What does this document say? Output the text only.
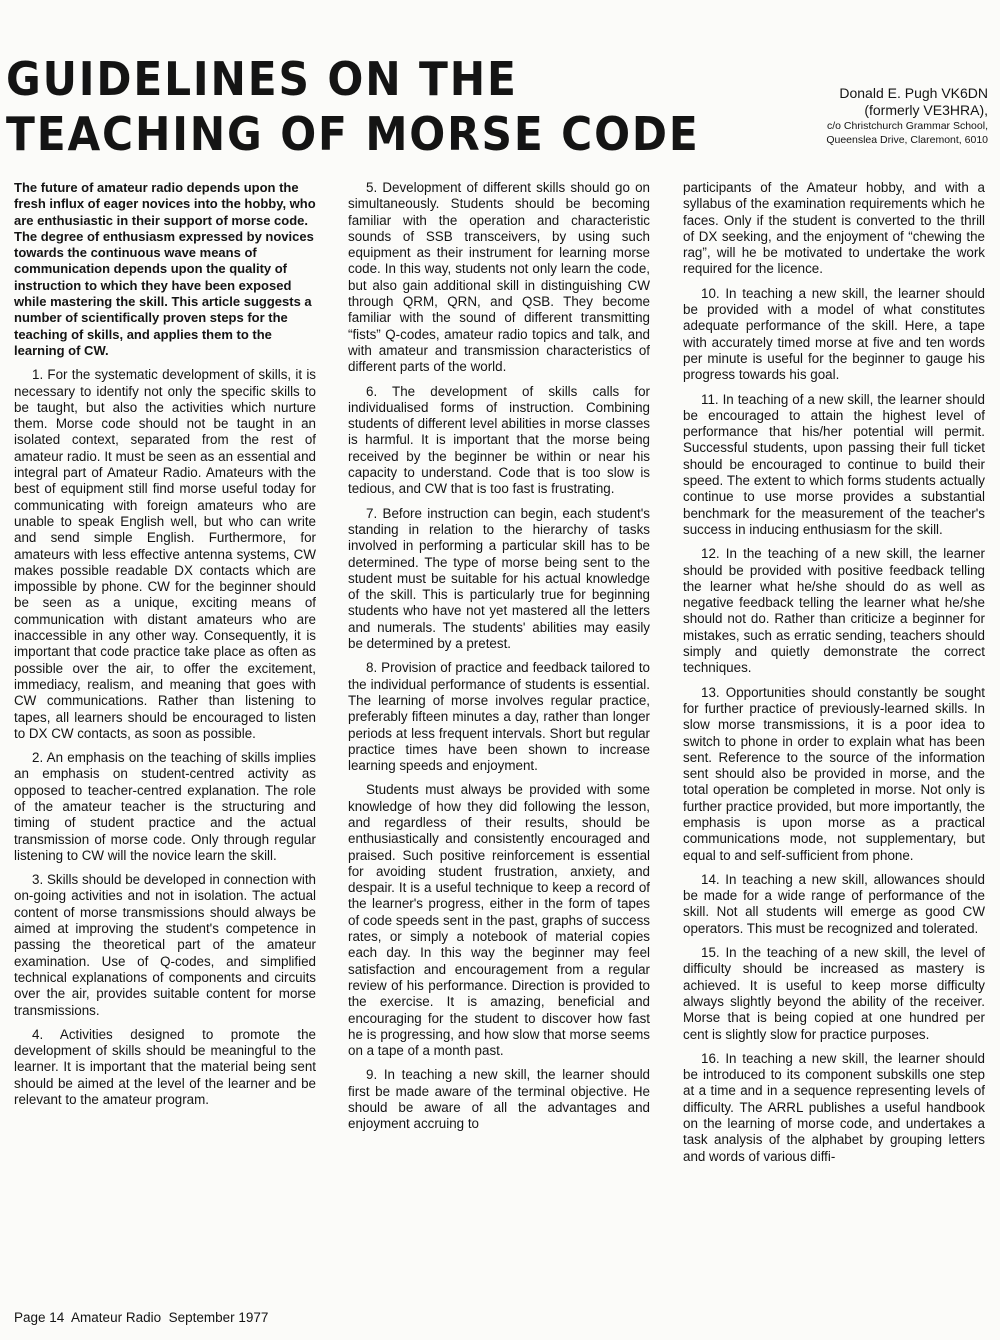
GUIDELINES ON THE
TEACHING OF MORSE CODE
Donald E. Pugh VK6DN
(formerly VE3HRA),
c/o Christchurch Grammar School,
Queenslea Drive, Claremont, 6010

The future of amateur radio depends upon the fresh influx of eager novices into the hobby, who are enthusiastic in their support of morse code. The degree of enthusiasm expressed by novices towards the continuous wave means of communication depends upon the quality of instruction to which they have been exposed while mastering the skill. This article suggests a number of scientifically proven steps for the teaching of skills, and applies them to the learning of CW.

1. For the systematic development of skills, it is necessary to identify not only the specific skills to be taught, but also the activities which nurture them. Morse code should not be taught in an isolated context, separated from the rest of amateur radio. It must be seen as an essential and integral part of Amateur Radio. Amateurs with the best of equipment still find morse useful today for communicating with foreign amateurs who are unable to speak English well, but who can write and send simple English. Furthermore, for amateurs with less effective antenna systems, CW makes possible readable DX contacts which are impossible by phone. CW for the beginner should be seen as a unique, exciting means of communication with distant amateurs who are inaccessible in any other way. Consequently, it is important that code practice take place as often as possible over the air, to offer the excitement, immediacy, realism, and meaning that goes with CW communications. Rather than listening to tapes, all learners should be encouraged to listen to DX CW contacts, as soon as possible.

2. An emphasis on the teaching of skills implies an emphasis on student-centred activity as opposed to teacher-centred explanation. The role of the amateur teacher is the structuring and timing of student practice and the actual transmission of morse code. Only through regular listening to CW will the novice learn the skill.

3. Skills should be developed in connection with on-going activities and not in isolation. The actual content of morse transmissions should always be aimed at improving the student's competence in passing the theoretical part of the amateur examination. Use of Q-codes, and simplified technical explanations of components and circuits over the air, provides suitable content for morse transmissions.

4. Activities designed to promote the development of skills should be meaningful to the learner. It is important that the material being sent should be aimed at the level of the learner and be relevant to the amateur program.

5. Development of different skills should go on simultaneously. Students should be becoming familiar with the operation and characteristic sounds of SSB transceivers, by using such equipment as their instrument for learning morse code. In this way, students not only learn the code, but also gain additional skill in distinguishing CW through QRM, QRN, and QSB. They become familiar with the sound of different transmitting “fists” Q-codes, amateur radio topics and talk, and with amateur and transmission characteristics of different parts of the world.

6. The development of skills calls for individualised forms of instruction. Combining students of different level abilities in morse classes is harmful. It is important that the morse being received by the beginner be within or near his capacity to understand. Code that is too slow is tedious, and CW that is too fast is frustrating.

7. Before instruction can begin, each student's standing in relation to the hierarchy of tasks involved in performing a particular skill has to be determined. The type of morse being sent to the student must be suitable for his actual knowledge of the skill. This is particularly true for beginning students who have not yet mastered all the letters and numerals. The students' abilities may easily be determined by a pretest.

8. Provision of practice and feedback tailored to the individual performance of students is essential. The learning of morse involves regular practice, preferably fifteen minutes a day, rather than longer periods at less frequent intervals. Short but regular practice times have been shown to increase learning speeds and enjoyment.

Students must always be provided with some knowledge of how they did following the lesson, and regardless of their results, should be enthusiastically and consistently encouraged and praised. Such positive reinforcement is essential for avoiding student frustration, anxiety, and despair. It is a useful technique to keep a record of the learner's progress, either in the form of tapes of code speeds sent in the past, graphs of success rates, or simply a notebook of material copies each day. In this way the beginner may feel satisfaction and encouragement from a regular review of his performance. Direction is provided to the exercise. It is amazing, beneficial and encouraging for the student to discover how fast he is progressing, and how slow that morse seems on a tape of a month past.

9. In teaching a new skill, the learner should first be made aware of the terminal objective. He should be aware of all the advantages and enjoyment accruing to

participants of the Amateur hobby, and with a syllabus of the examination requirements which he faces. Only if the student is converted to the thrill of DX seeking, and the enjoyment of “chewing the rag”, will he be motivated to undertake the work required for the licence.

10. In teaching a new skill, the learner should be provided with a model of what constitutes adequate performance of the skill. Here, a tape with accurately timed morse at five and ten words per minute is useful for the beginner to gauge his progress towards his goal.

11. In teaching of a new skill, the learner should be encouraged to attain the highest level of performance that his/her potential will permit. Successful students, upon passing their full ticket should be encouraged to continue to build their speed. The extent to which forms students actually continue to use morse provides a substantial benchmark for the measurement of the teacher's success in inducing enthusiasm for the skill.

12. In the teaching of a new skill, the learner should be provided with positive feedback telling the learner what he/she should do as well as negative feedback telling the learner what he/she should not do. Rather than criticize a beginner for mistakes, such as erratic sending, teachers should simply and quietly demonstrate the correct techniques.

13. Opportunities should constantly be sought for further practice of previously-learned skills. In slow morse transmissions, it is a poor idea to switch to phone in order to explain what has been sent. Reference to the source of the information sent should also be provided in morse, and the total operation be completed in morse. Not only is further practice provided, but more importantly, the emphasis is upon morse as a practical communications mode, not supplementary, but equal to and self-sufficient from phone.

14. In teaching a new skill, allowances should be made for a wide range of performance of the skill. Not all students will emerge as good CW operators. This must be recognized and tolerated.

15. In the teaching of a new skill, the level of difficulty should be increased as mastery is achieved. It is useful to keep morse difficulty always slightly beyond the ability of the receiver. Morse that is being copied at one hundred per cent is slightly slow for practice purposes.

16. In teaching a new skill, the learner should be introduced to its component subskills one step at a time and in a sequence representing levels of difficulty. The ARRL publishes a useful handbook on the learning of morse code, and undertakes a task analysis of the alphabet by grouping letters and words of various diffi-

Page 14  Amateur Radio  September 1977
